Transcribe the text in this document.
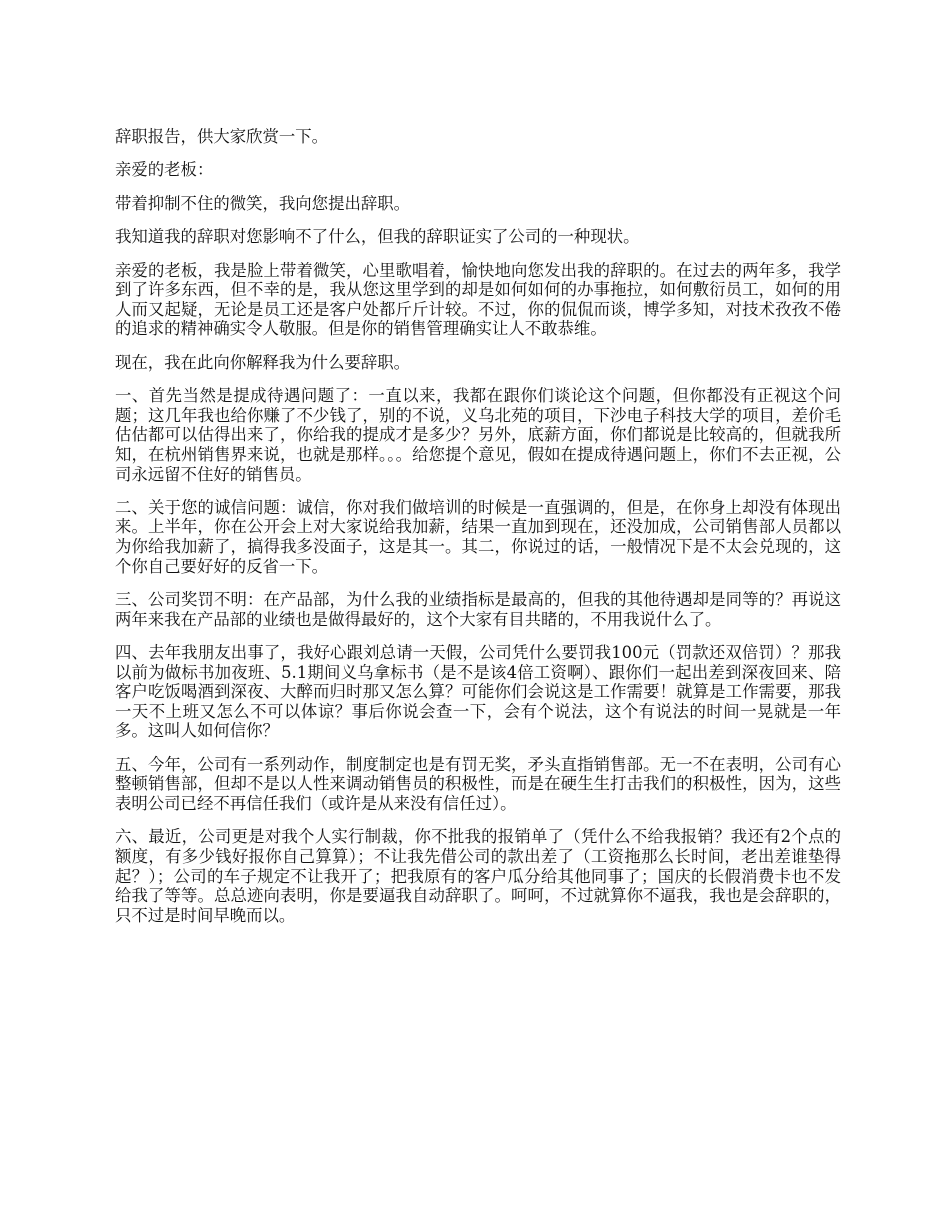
辞职报告，供大家欣赏一下。

亲爱的老板：

带着抑制不住的微笑，我向您提出辞职。

我知道我的辞职对您影响不了什么，但我的辞职证实了公司的一种现状。

亲爱的老板，我是脸上带着微笑，心里歌唱着，愉快地向您发出我的辞职的。在过去的两年多，我学到了许多东西，但不幸的是，我从您这里学到的却是如何如何的办事拖拉，如何敷衍员工，如何的用人而又起疑，无论是员工还是客户处都斤斤计较。不过，你的侃侃而谈，博学多知，对技术孜孜不倦的追求的精神确实令人敬服。但是你的销售管理确实让人不敢恭维。

现在，我在此向你解释我为什么要辞职。

一、首先当然是提成待遇问题了：一直以来，我都在跟你们谈论这个问题，但你都没有正视这个问题；这几年我也给你赚了不少钱了，别的不说，义乌北苑的项目，下沙电子科技大学的项目，差价毛估估都可以估得出来了，你给我的提成才是多少？另外，底薪方面，你们都说是比较高的，但就我所知，在杭州销售界来说，也就是那样。。。给您提个意见，假如在提成待遇问题上，你们不去正视，公司永远留不住好的销售员。

二、关于您的诚信问题：诚信，你对我们做培训的时候是一直强调的，但是，在你身上却没有体现出来。上半年，你在公开会上对大家说给我加薪，结果一直加到现在，还没加成，公司销售部人员都以为你给我加薪了，搞得我多没面子，这是其一。其二，你说过的话，一般情况下是不太会兑现的，这个你自己要好好的反省一下。

三、公司奖罚不明：在产品部，为什么我的业绩指标是最高的，但我的其他待遇却是同等的？再说这两年来我在产品部的业绩也是做得最好的，这个大家有目共睹的，不用我说什么了。

四、去年我朋友出事了，我好心跟刘总请一天假，公司凭什么要罚我100元（罚款还双倍罚）？那我以前为做标书加夜班、5.1期间义乌拿标书（是不是该4倍工资啊）、跟你们一起出差到深夜回来、陪客户吃饭喝酒到深夜、大醉而归时那又怎么算？可能你们会说这是工作需要！就算是工作需要，那我一天不上班又怎么不可以体谅？事后你说会查一下，会有个说法，这个有说法的时间一晃就是一年多。这叫人如何信你？

五、今年，公司有一系列动作，制度制定也是有罚无奖，矛头直指销售部。无一不在表明，公司有心整顿销售部，但却不是以人性来调动销售员的积极性，而是在硬生生打击我们的积极性，因为，这些表明公司已经不再信任我们（或许是从来没有信任过）。

六、最近，公司更是对我个人实行制裁，你不批我的报销单了（凭什么不给我报销？我还有2个点的额度，有多少钱好报你自己算算）；不让我先借公司的款出差了（工资拖那么长时间，老出差谁垫得起？）；公司的车子规定不让我开了；把我原有的客户瓜分给其他同事了；国庆的长假消费卡也不发给我了等等。总总迹向表明，你是要逼我自动辞职了。呵呵，不过就算你不逼我，我也是会辞职的，只不过是时间早晚而以。
